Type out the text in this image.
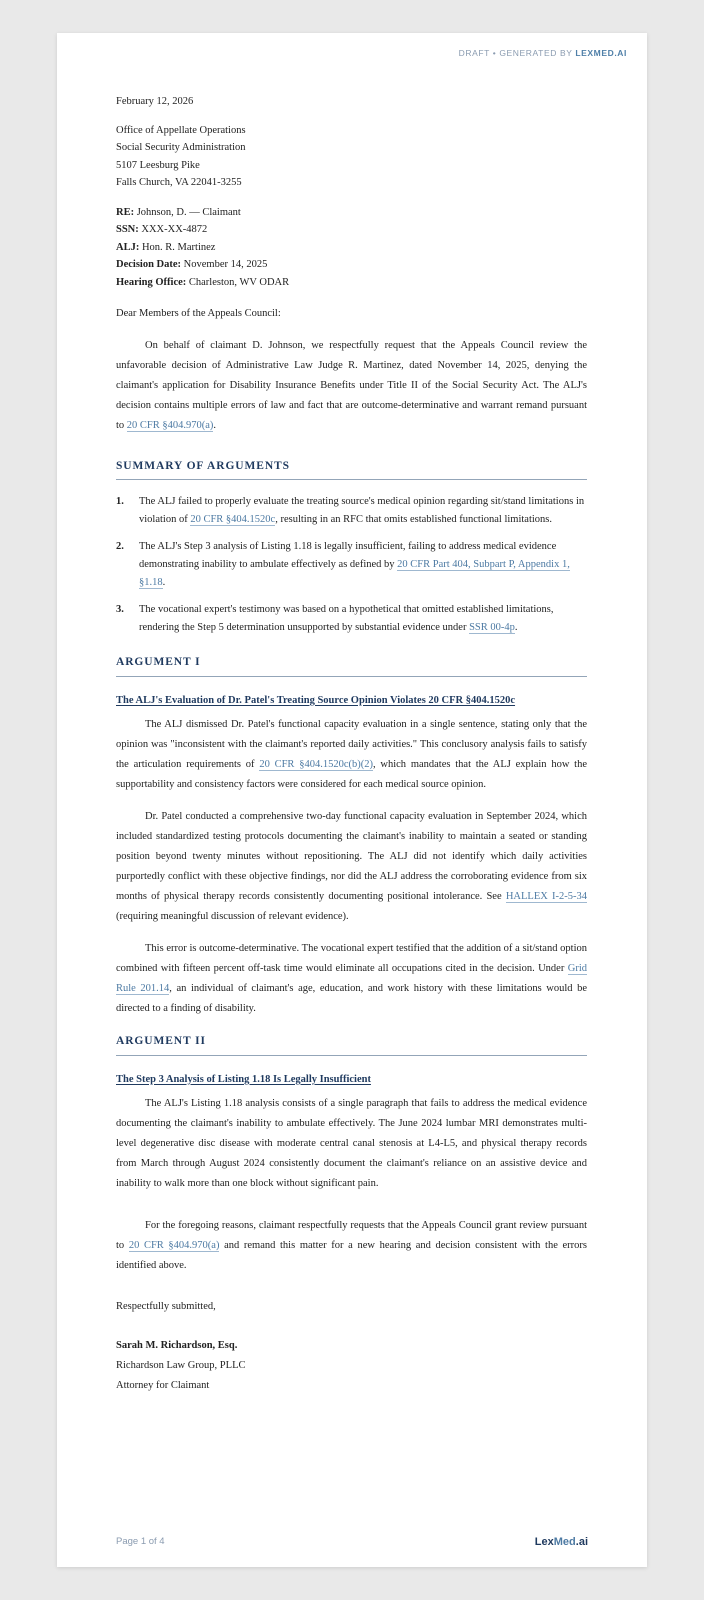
DRAFT • GENERATED BY LEXMED.AI
February 12, 2026
Office of Appellate Operations
Social Security Administration
5107 Leesburg Pike
Falls Church, VA 22041-3255
RE: Johnson, D. — Claimant
SSN: XXX-XX-4872
ALJ: Hon. R. Martinez
Decision Date: November 14, 2025
Hearing Office: Charleston, WV ODAR
Dear Members of the Appeals Council:

On behalf of claimant D. Johnson, we respectfully request that the Appeals Council review the unfavorable decision of Administrative Law Judge R. Martinez, dated November 14, 2025, denying the claimant's application for Disability Insurance Benefits under Title II of the Social Security Act. The ALJ's decision contains multiple errors of law and fact that are outcome-determinative and warrant remand pursuant to 20 CFR §404.970(a).

SUMMARY OF ARGUMENTS
1. The ALJ failed to properly evaluate the treating source's medical opinion regarding sit/stand limitations in violation of 20 CFR §404.1520c, resulting in an RFC that omits established functional limitations.
2. The ALJ's Step 3 analysis of Listing 1.18 is legally insufficient, failing to address medical evidence demonstrating inability to ambulate effectively as defined by 20 CFR Part 404, Subpart P, Appendix 1, §1.18.
3. The vocational expert's testimony was based on a hypothetical that omitted established limitations, rendering the Step 5 determination unsupported by substantial evidence under SSR 00-4p.
ARGUMENT I
The ALJ's Evaluation of Dr. Patel's Treating Source Opinion Violates 20 CFR §404.1520c

The ALJ dismissed Dr. Patel's functional capacity evaluation in a single sentence, stating only that the opinion was "inconsistent with the claimant's reported daily activities." This conclusory analysis fails to satisfy the articulation requirements of 20 CFR §404.1520c(b)(2), which mandates that the ALJ explain how the supportability and consistency factors were considered for each medical source opinion.

Dr. Patel conducted a comprehensive two-day functional capacity evaluation in September 2024, which included standardized testing protocols documenting the claimant's inability to maintain a seated or standing position beyond twenty minutes without repositioning. The ALJ did not identify which daily activities purportedly conflict with these objective findings, nor did the ALJ address the corroborating evidence from six months of physical therapy records consistently documenting positional intolerance. See HALLEX I-2-5-34 (requiring meaningful discussion of relevant evidence).

This error is outcome-determinative. The vocational expert testified that the addition of a sit/stand option combined with fifteen percent off-task time would eliminate all occupations cited in the decision. Under Grid Rule 201.14, an individual of claimant's age, education, and work history with these limitations would be directed to a finding of disability.

ARGUMENT II
The Step 3 Analysis of Listing 1.18 Is Legally Insufficient

The ALJ's Listing 1.18 analysis consists of a single paragraph that fails to address the medical evidence documenting the claimant's inability to ambulate effectively. The June 2024 lumbar MRI demonstrates multi-level degenerative disc disease with moderate central canal stenosis at L4-L5, and physical therapy records from March through August 2024 consistently document the claimant's reliance on an assistive device and inability to walk more than one block without significant pain.

For the foregoing reasons, claimant respectfully requests that the Appeals Council grant review pursuant to 20 CFR §404.970(a) and remand this matter for a new hearing and decision consistent with the errors identified above.

Respectfully submitted,
Sarah M. Richardson, Esq.
Richardson Law Group, PLLC
Attorney for Claimant
Page 1 of 4	LexMed.ai
